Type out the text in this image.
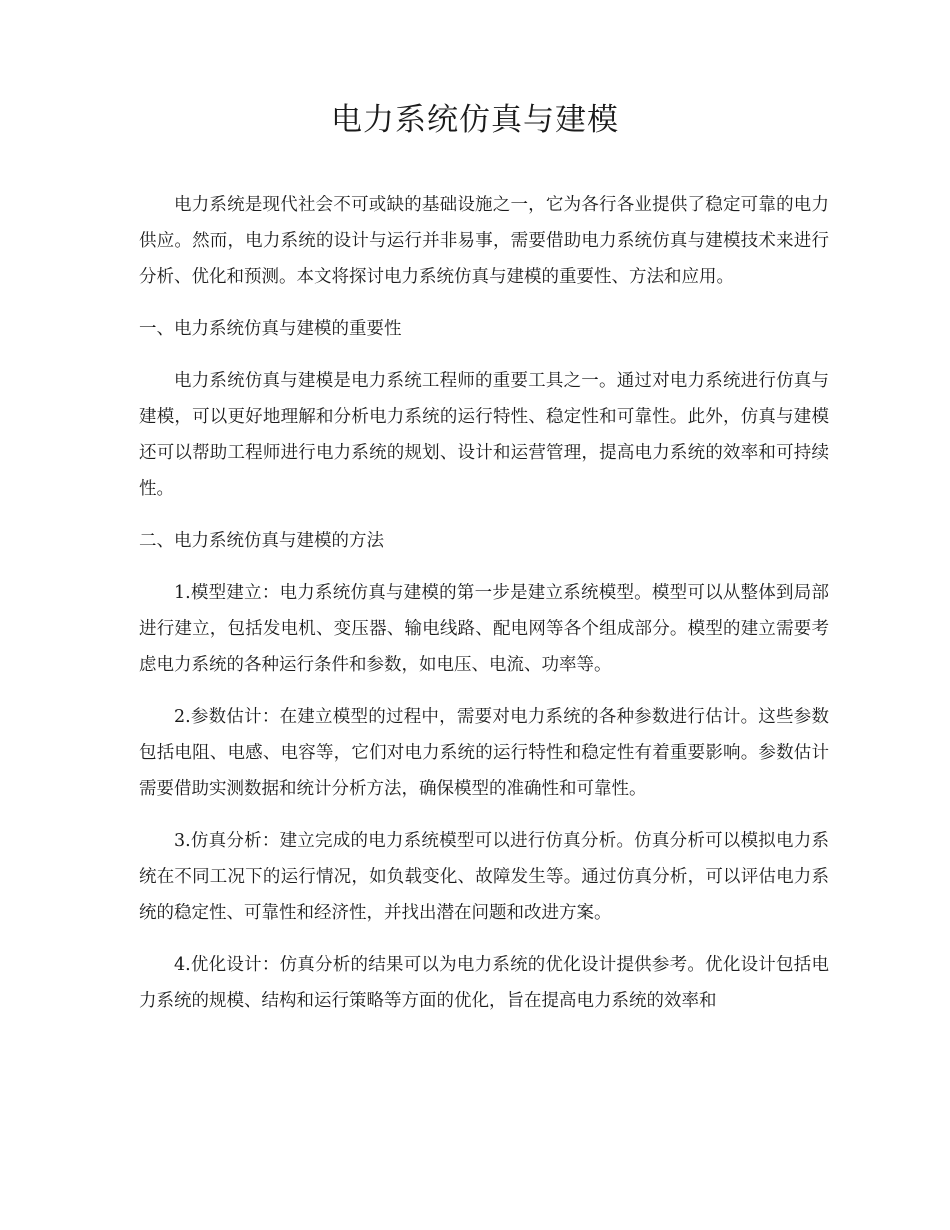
电力系统仿真与建模

电力系统是现代社会不可或缺的基础设施之一，它为各行各业提供了稳定可靠的电力供应。然而，电力系统的设计与运行并非易事，需要借助电力系统仿真与建模技术来进行分析、优化和预测。本文将探讨电力系统仿真与建模的重要性、方法和应用。

一、电力系统仿真与建模的重要性

电力系统仿真与建模是电力系统工程师的重要工具之一。通过对电力系统进行仿真与建模，可以更好地理解和分析电力系统的运行特性、稳定性和可靠性。此外，仿真与建模还可以帮助工程师进行电力系统的规划、设计和运营管理，提高电力系统的效率和可持续性。

二、电力系统仿真与建模的方法

1.模型建立：电力系统仿真与建模的第一步是建立系统模型。模型可以从整体到局部进行建立，包括发电机、变压器、输电线路、配电网等各个组成部分。模型的建立需要考虑电力系统的各种运行条件和参数，如电压、电流、功率等。

2.参数估计：在建立模型的过程中，需要对电力系统的各种参数进行估计。这些参数包括电阻、电感、电容等，它们对电力系统的运行特性和稳定性有着重要影响。参数估计需要借助实测数据和统计分析方法，确保模型的准确性和可靠性。

3.仿真分析：建立完成的电力系统模型可以进行仿真分析。仿真分析可以模拟电力系统在不同工况下的运行情况，如负载变化、故障发生等。通过仿真分析，可以评估电力系统的稳定性、可靠性和经济性，并找出潜在问题和改进方案。

4.优化设计：仿真分析的结果可以为电力系统的优化设计提供参考。优化设计包括电力系统的规模、结构和运行策略等方面的优化，旨在提高电力系统的效率和
